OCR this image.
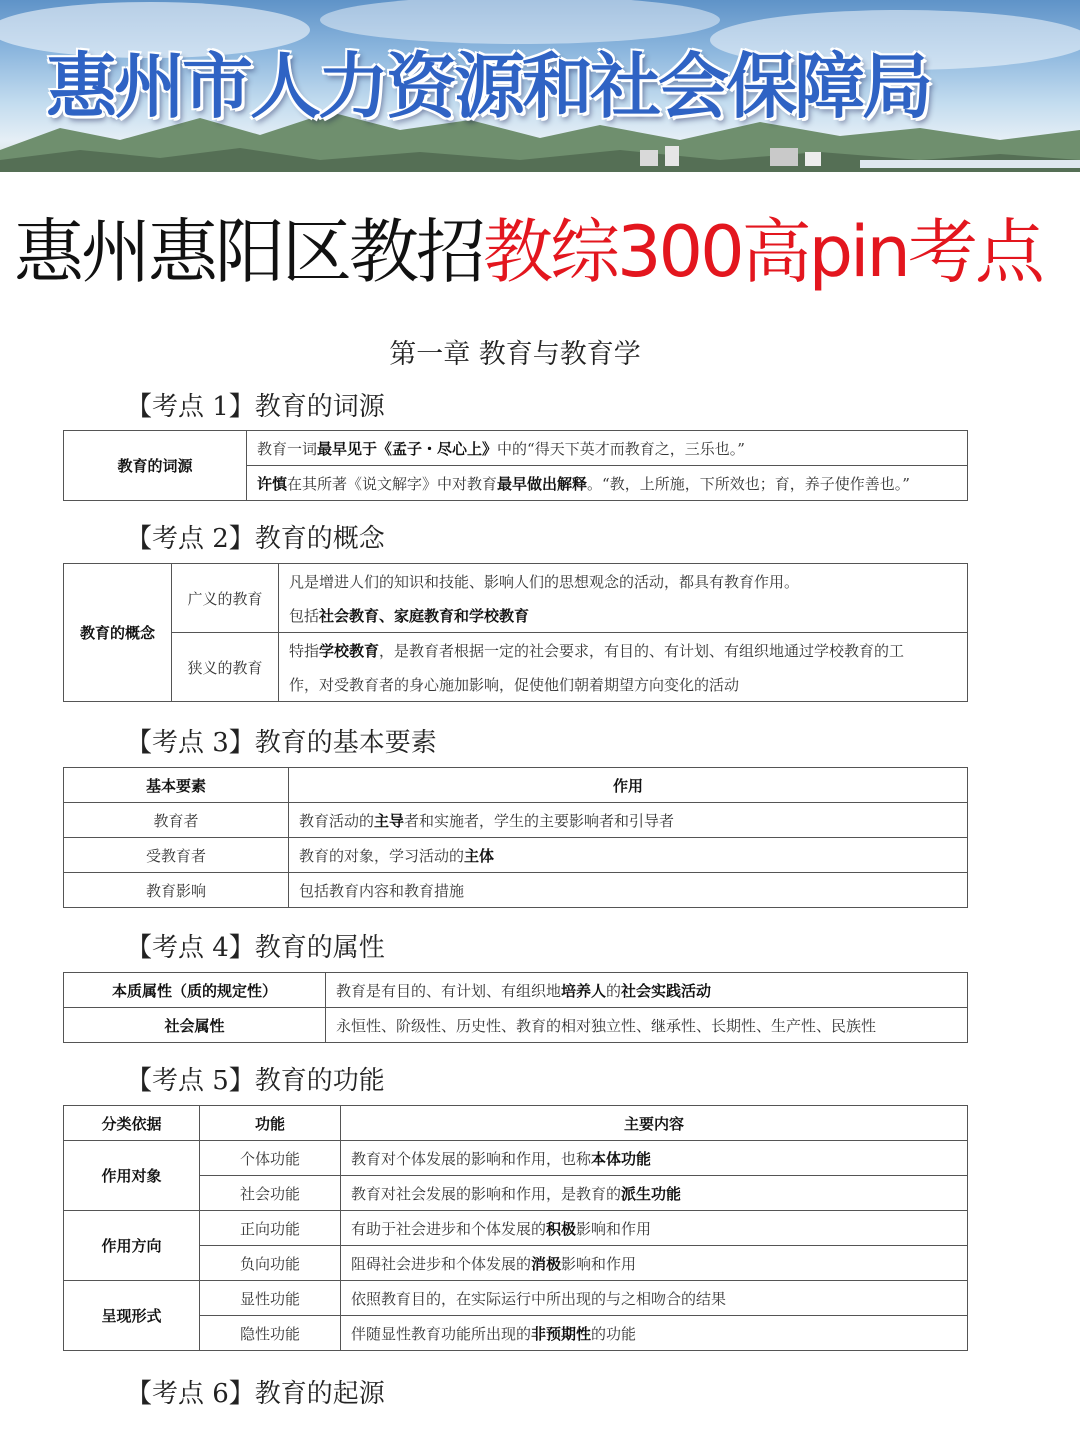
惠州市人力资源和社会保障局
惠州惠阳区教招教综300高pin考点
第一章 教育与教育学
【考点 1】教育的词源
教育的词源	教育一词最早见于《孟子・尽心上》中的“得天下英才而教育之，三乐也。”
许慎在其所著《说文解字》中对教育最早做出解释。“教，上所施，下所效也；育，养子使作善也。”
【考点 2】教育的概念
教育的概念	广义的教育	凡是增进人们的知识和技能、影响人们的思想观念的活动，都具有教育作用。
		包括社会教育、家庭教育和学校教育
	狭义的教育	特指学校教育，是教育者根据一定的社会要求，有目的、有计划、有组织地通过学校教育的工
		作，对受教育者的身心施加影响，促使他们朝着期望方向变化的活动
【考点 3】教育的基本要素
基本要素	作用
教育者	教育活动的主导者和实施者，学生的主要影响者和引导者
受教育者	教育的对象，学习活动的主体
教育影响	包括教育内容和教育措施
【考点 4】教育的属性
本质属性（质的规定性）	教育是有目的、有计划、有组织地培养人的社会实践活动
社会属性	永恒性、阶级性、历史性、教育的相对独立性、继承性、长期性、生产性、民族性
【考点 5】教育的功能
分类依据	功能	主要内容
作用对象	个体功能	教育对个体发展的影响和作用，也称本体功能
	社会功能	教育对社会发展的影响和作用，是教育的派生功能
作用方向	正向功能	有助于社会进步和个体发展的积极影响和作用
	负向功能	阻碍社会进步和个体发展的消极影响和作用
呈现形式	显性功能	依照教育目的，在实际运行中所出现的与之相吻合的结果
	隐性功能	伴随显性教育功能所出现的非预期性的功能
【考点 6】教育的起源
